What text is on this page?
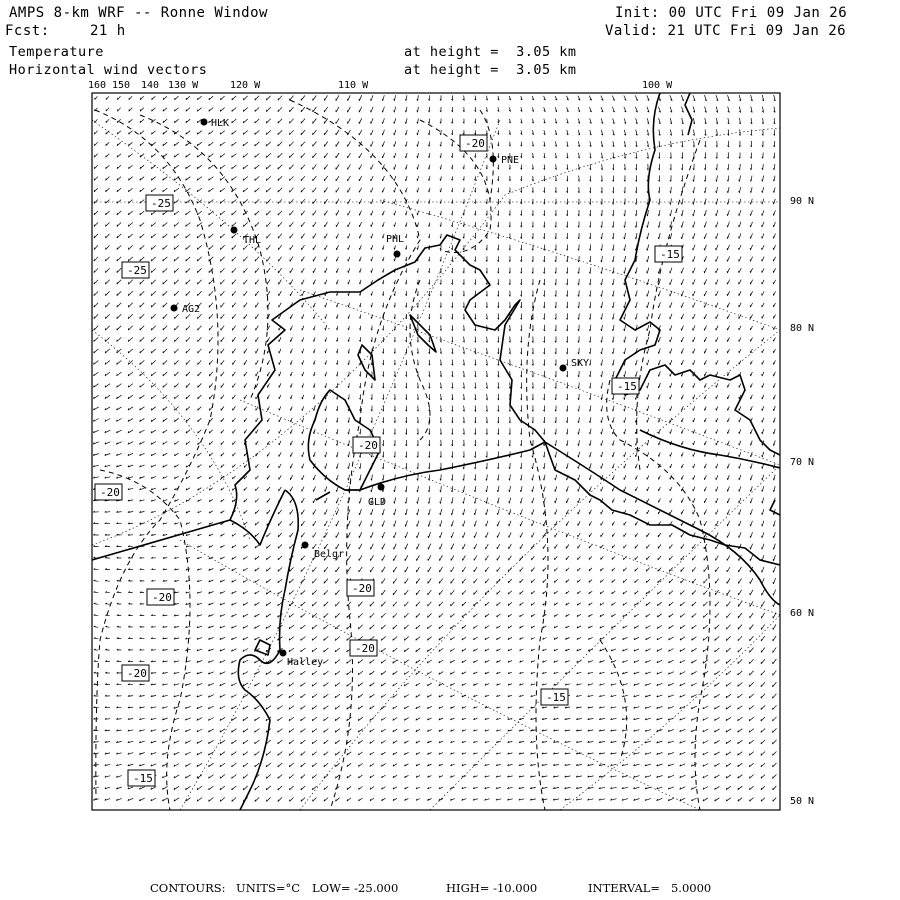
AMPS 8-km WRF -- Ronne Window
Fcst:	21 h
Init: 00 UTC Fri 09 Jan 26
Valid: 21 UTC Fri 09 Jan 26
Temperature
Horizontal wind vectors
at height =  3.05 km
at height =  3.05 km
160 150 140 130 W	120 W	110 W	100 W
90 N
80 N
70 N
60 N
50 N
HLK
PNE
THL	PHL
AG2
SKY
GLD
Belgr
Halley
-20
-25
-15
-25
-20
-20
-20
-20
-20
-20
-15
-15
-15
CONTOURS: UNITS=°C LOW= -25.000	HIGH= -10.000	INTERVAL=   5.0000
